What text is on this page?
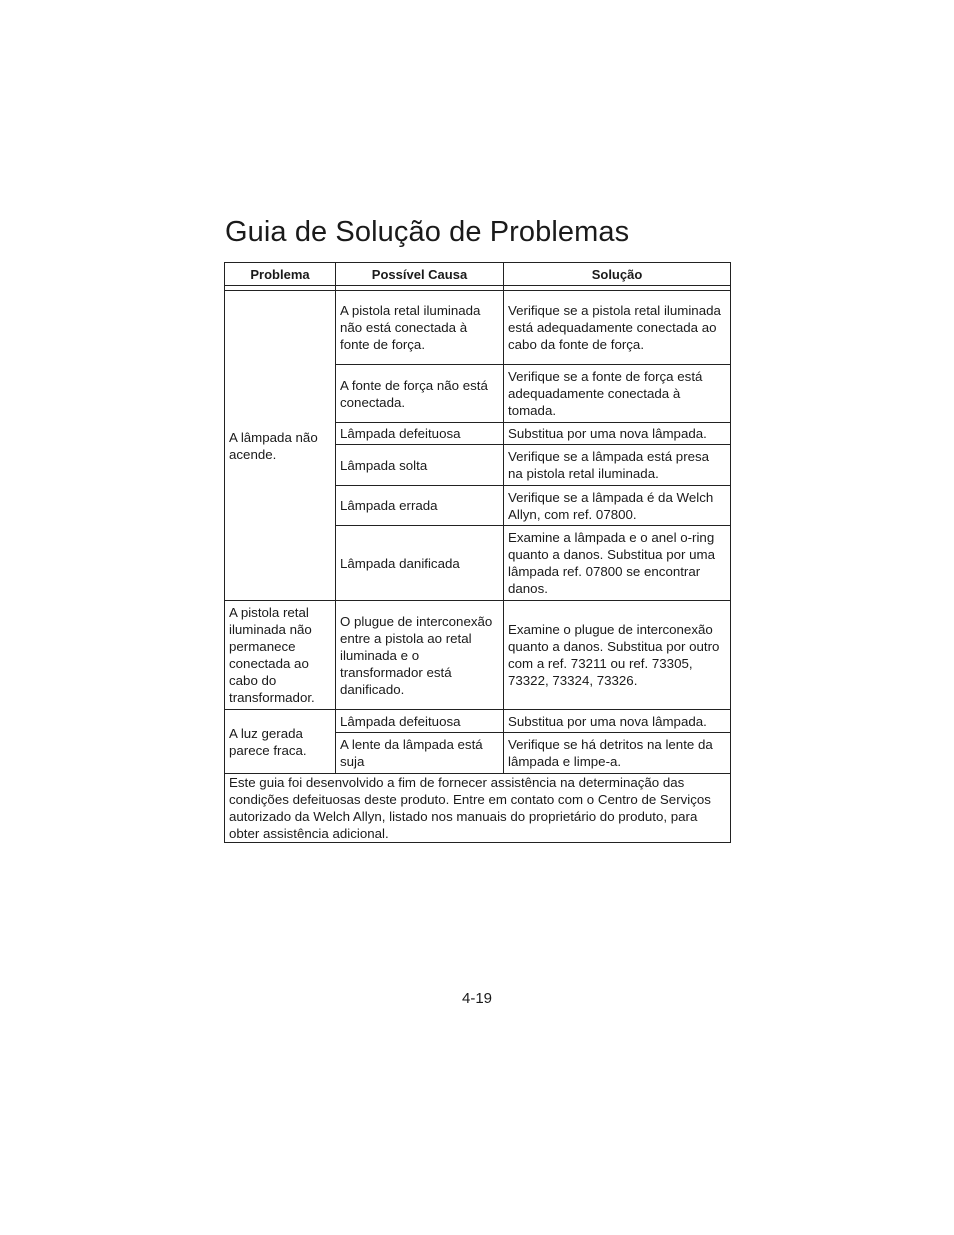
Guia de Solução de Problemas
Problema	Possível Causa	Solução

A lâmpada não acende.	A pistola retal iluminada não está conectada à fonte de força.	Verifique se a pistola retal iluminada está adequadamente conectada ao cabo da fonte de força.
	A fonte de força não está conectada.	Verifique se a fonte de força está adequadamente conectada à tomada.
	Lâmpada defeituosa	Substitua por uma nova lâmpada.
	Lâmpada solta	Verifique se a lâmpada está presa na pistola retal iluminada.
	Lâmpada errada	Verifique se a lâmpada é da Welch Allyn, com ref. 07800.
	Lâmpada danificada	Examine a lâmpada e o anel o-ring quanto a danos. Substitua por uma lâmpada ref. 07800 se encontrar danos.
A pistola retal iluminada não permanece conectada ao cabo do transformador.	O plugue de interconexão entre a pistola ao retal iluminada e o transformador está danificado.	Examine o plugue de interconexão quanto a danos. Substitua por outro com a ref. 73211 ou ref. 73305, 73322, 73324, 73326.
A luz gerada parece fraca.	Lâmpada defeituosa	Substitua por uma nova lâmpada.
	A lente da lâmpada está suja	Verifique se há detritos na lente da lâmpada e limpe-a.
Este guia foi desenvolvido a fim de fornecer assistência na determinação das condições defeituosas deste produto. Entre em contato com o Centro de Serviços autorizado da Welch Allyn, listado nos manuais do proprietário do produto, para obter assistência adicional.		
4-19
